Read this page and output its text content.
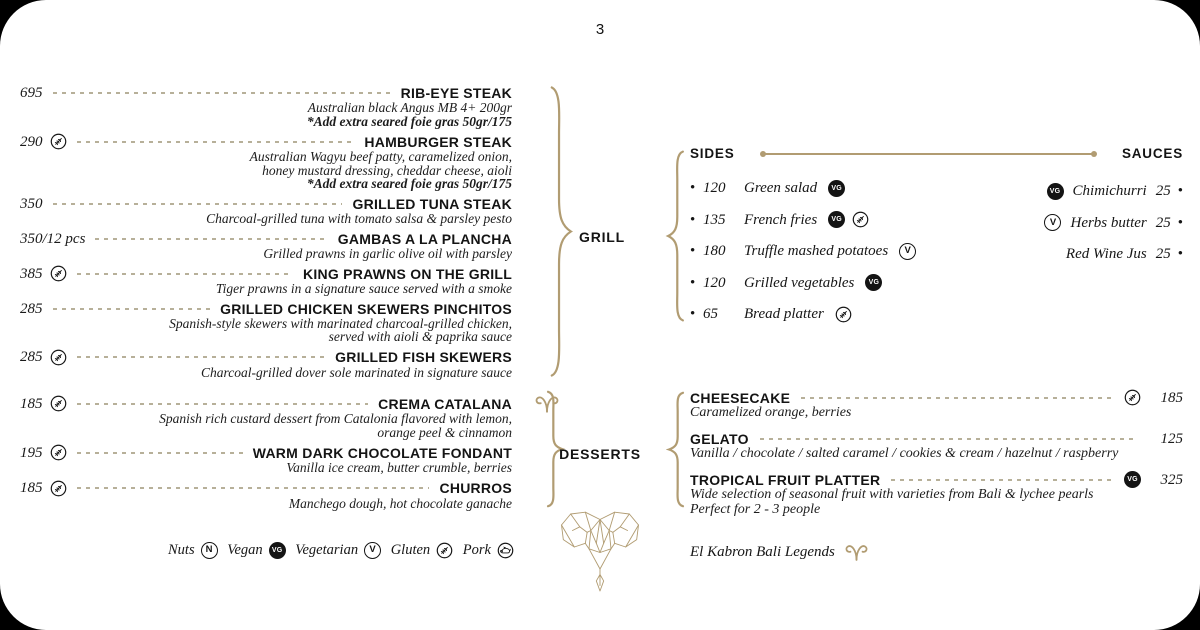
3
695	RIB-EYE STEAK
Australian black Angus MB 4+ 200gr
*Add extra seared foie gras 50gr/175
290	HAMBURGER STEAK
Australian Wagyu beef patty, caramelized onion,
honey mustard dressing, cheddar cheese, aioli
*Add extra seared foie gras 50gr/175
350	GRILLED TUNA STEAK
Charcoal-grilled tuna with tomato salsa & parsley pesto
350/12 pcs	GAMBAS A LA PLANCHA
Grilled prawns in garlic olive oil with parsley
385	KING PRAWNS ON THE GRILL
Tiger prawns in a signature sauce served with a smoke
285	GRILLED CHICKEN SKEWERS PINCHITOS
Spanish-style skewers with marinated charcoal-grilled chicken,
served with aioli & paprika sauce
285	GRILLED FISH SKEWERS
Charcoal-grilled dover sole marinated in signature sauce
GRILL
SIDES	SAUCES
• 120	Green salad	VG
• 135	French fries	VG
• 180	Truffle mashed potatoes	V
• 120	Grilled vegetables	VG
• 65	Bread platter
VG Chimichurri 25 •
V Herbs butter 25 •
Red Wine Jus 25 •
185	CREMA CATALANA
Spanish rich custard dessert from Catalonia flavored with lemon,
orange peel & cinnamon
195	WARM DARK CHOCOLATE FONDANT
Vanilla ice cream, butter crumble, berries
185	CHURROS
Manchego dough, hot chocolate ganache
DESSERTS
CHEESECAKE	185
Caramelized orange, berries
GELATO	125
Vanilla / chocolate / salted caramel / cookies & cream / hazelnut / raspberry
TROPICAL FRUIT PLATTER	VG	325
Wide selection of seasonal fruit with varieties from Bali & lychee pearls
Perfect for 2 - 3 people
Nuts	N	Vegan	VG Vegetarian	V	Gluten Pork	El Kabron Bali Legends
